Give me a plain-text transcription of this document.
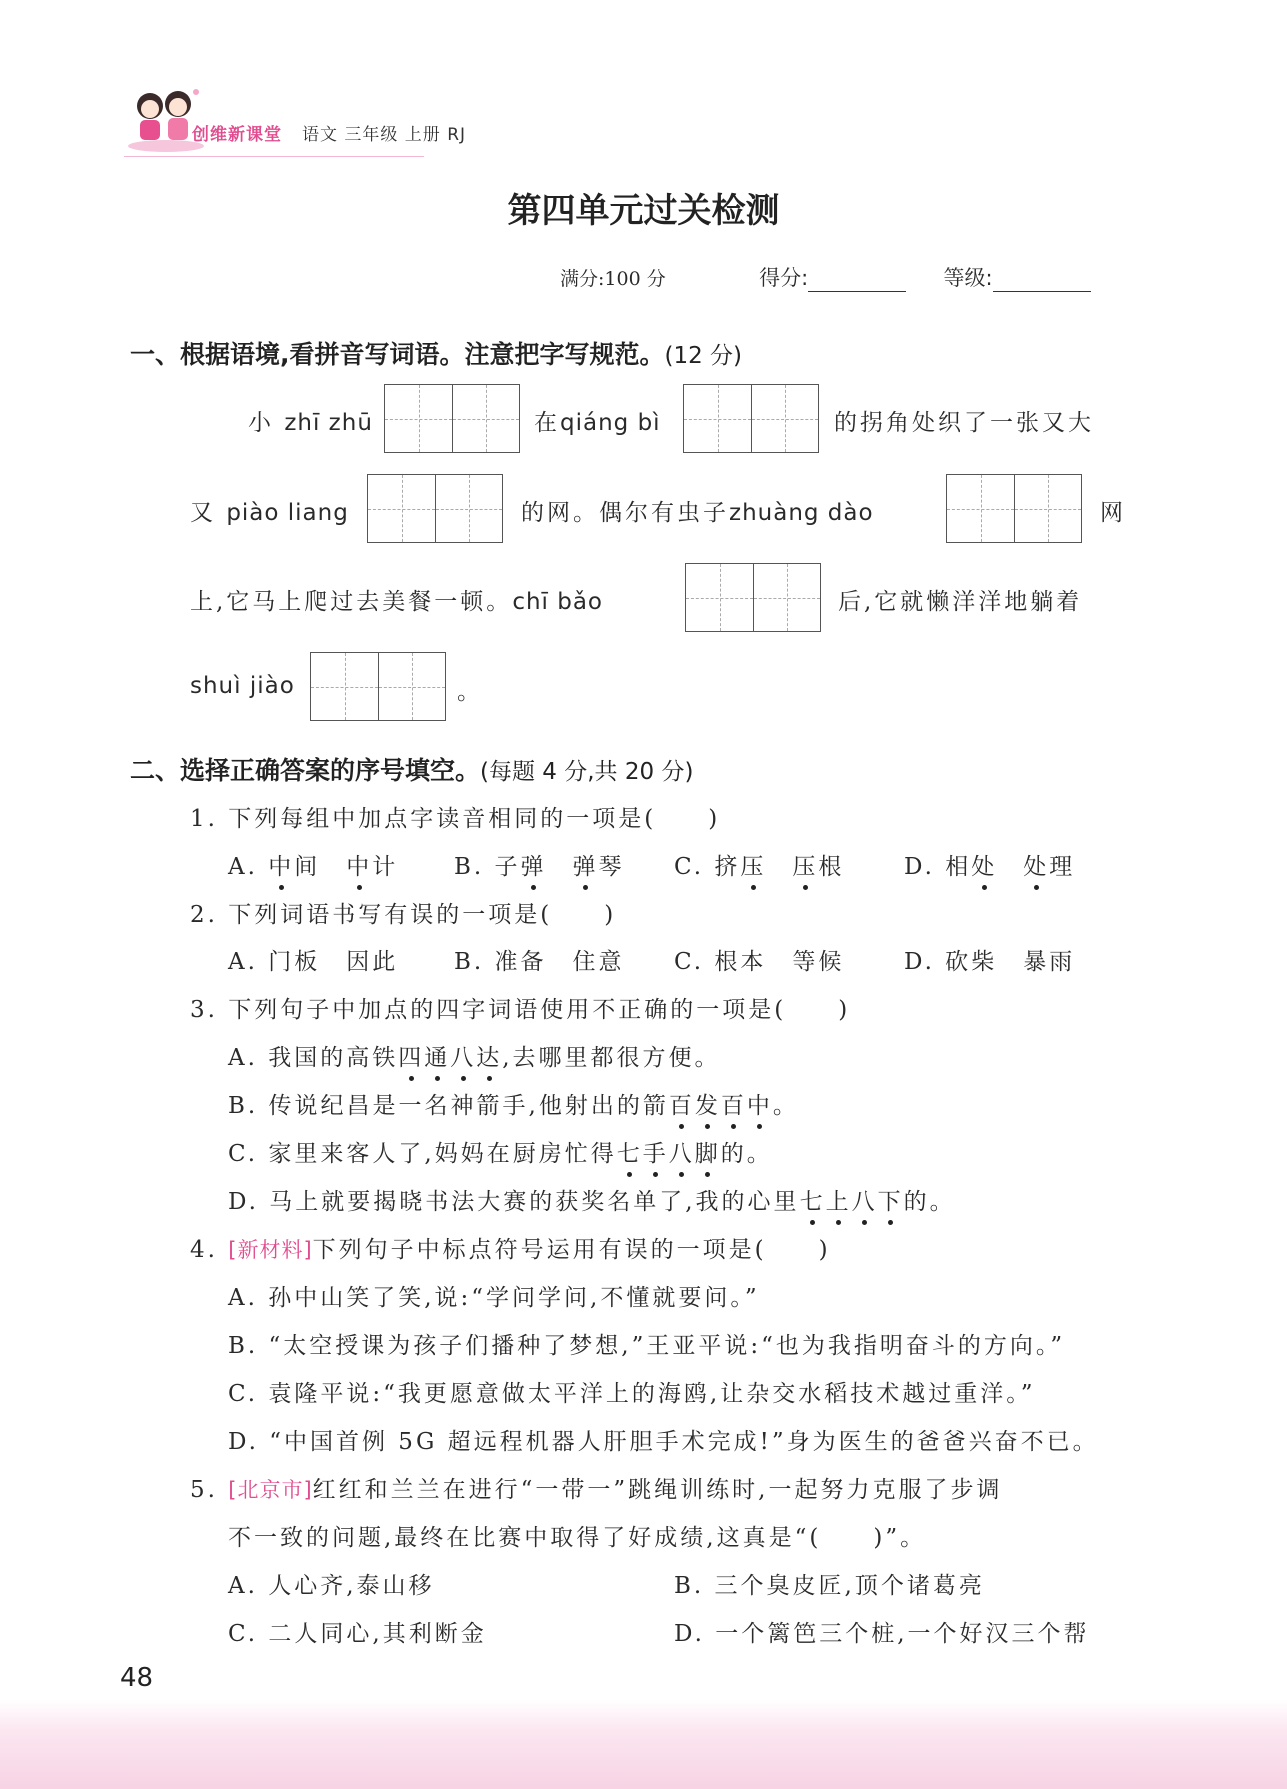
创维新课堂 语文 三年级 上册 RJ
第四单元过关检测
满分:100 分	得分:	等级:
一、根据语境,看拼音写词语。注意把字写规范。(12 分)
小 zhī zhū	在qiáng bì	的拐角处织了一张又大
又 piào liang	的网。偶尔有虫子zhuàng dào	网
上,它马上爬过去美餐一顿。chī bǎo	后,它就懒洋洋地躺着
shuì jiào	。
二、选择正确答案的序号填空。(每题 4 分,共 20 分)
1. 下列每组中加点字读音相同的一项是(　　)
A. 中间　中计 B. 子弹　 弹琴 C. 挤压　 压根	D. 相处　 处理
2. 下列词语书写有误的一项是(　　)
A. 门板　因此 B. 准备　住意 C. 根本　等候	D. 砍柴　暴雨
3. 下列句子中加点的四字词语使用不正确的一项是(　　)
A. 我国的高铁四通八达,去哪里都很方便。
B. 传说纪昌是一名神箭手,他射出的箭百发百中。
C. 家里来客人了,妈妈在厨房忙得七手八脚的。
D. 马上就要揭晓书法大赛的获奖名单了,我的心里七上八下的。
4. [新材料]下列句子中标点符号运用有误的一项是(　　)
A. 孙中山笑了笑,说:“学问学问,不懂就要问。”
B. “太空授课为孩子们播种了梦想,”王亚平说:“也为我指明奋斗的方向。”
C. 袁隆平说:“我更愿意做太平洋上的海鸥,让杂交水稻技术越过重洋。”
D. “中国首例 5G 超远程机器人肝胆手术完成!”身为医生的爸爸兴奋不已。
5. [北京市]红红和兰兰在进行“一带一”跳绳训练时,一起努力克服了步调
不一致的问题,最终在比赛中取得了好成绩,这真是“(　　)”。
A. 人心齐,泰山移	B. 三个臭皮匠,顶个诸葛亮
C. 二人同心,其利断金	D. 一个篱笆三个桩,一个好汉三个帮
48
